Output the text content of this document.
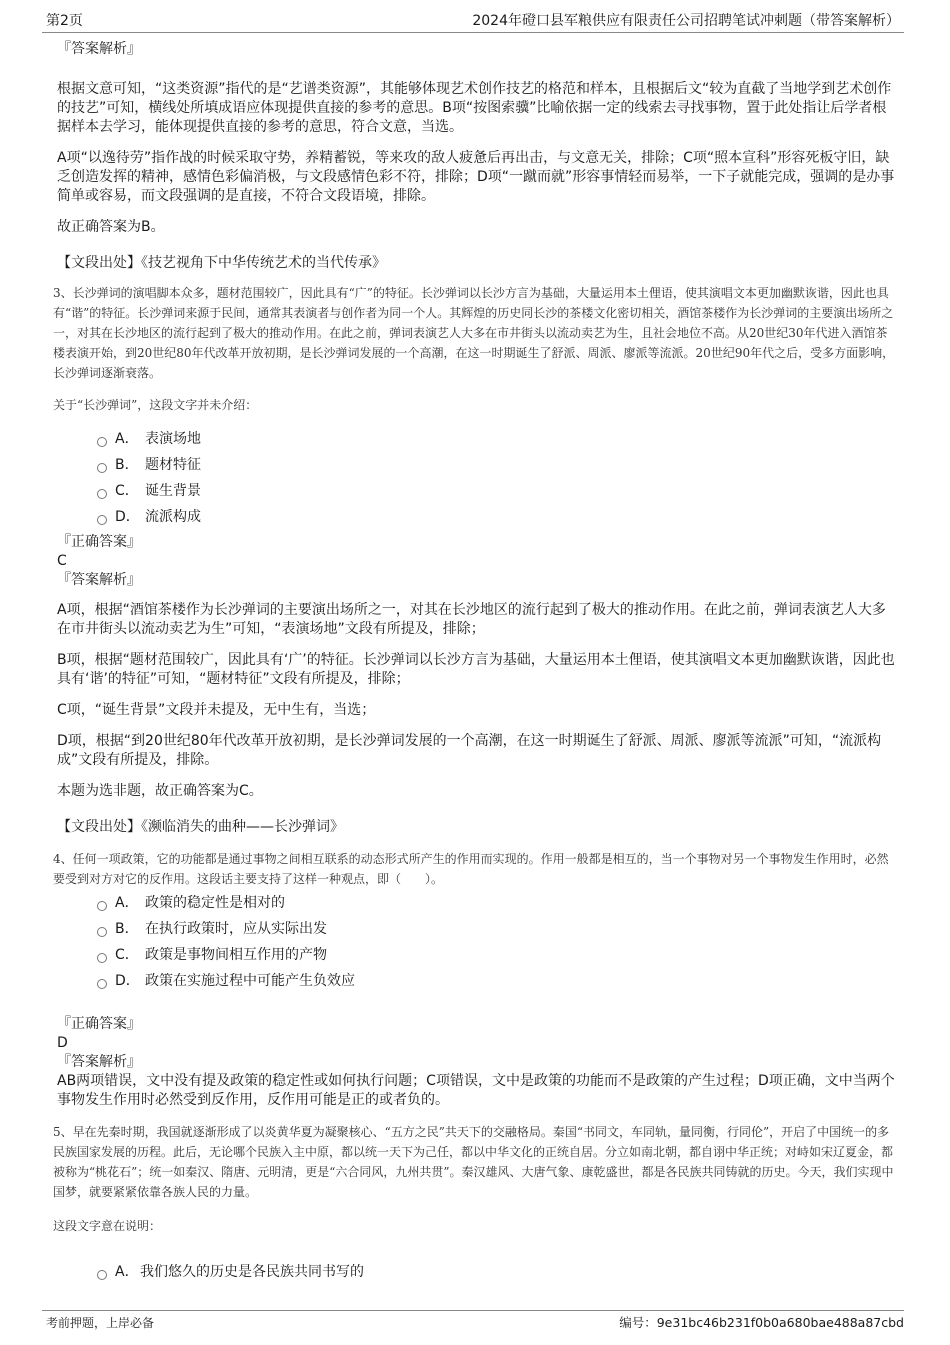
第2页	2024年磴口县军粮供应有限责任公司招聘笔试冲刺题（带答案解析）

『答案解析』

根据文意可知，“这类资源”指代的是“艺谱类资源”，其能够体现艺术创作技艺的格范和样本，且根据后文“较为直截了当地学到艺术创作的技艺”可知，横线处所填成语应体现提供直接的参考的意思。B项“按图索骥”比喻依据一定的线索去寻找事物，置于此处指让后学者根据样本去学习，能体现提供直接的参考的意思，符合文意，当选。

A项“以逸待劳”指作战的时候采取守势，养精蓄锐，等来攻的敌人疲惫后再出击，与文意无关，排除；C项“照本宣科”形容死板守旧，缺乏创造发挥的精神，感情色彩偏消极，与文段感情色彩不符，排除；D项“一蹴而就”形容事情轻而易举，一下子就能完成，强调的是办事简单或容易，而文段强调的是直接，不符合文段语境，排除。

故正确答案为B。

【文段出处】《技艺视角下中华传统艺术的当代传承》

3、长沙弹词的演唱脚本众多，题材范围较广，因此具有“广”的特征。长沙弹词以长沙方言为基础，大量运用本土俚语，使其演唱文本更加幽默诙谐，因此也具有“谐”的特征。长沙弹词来源于民间，通常其表演者与创作者为同一个人。其辉煌的历史同长沙的茶楼文化密切相关，酒馆茶楼作为长沙弹词的主要演出场所之一，对其在长沙地区的流行起到了极大的推动作用。在此之前，弹词表演艺人大多在市井街头以流动卖艺为生，且社会地位不高。从20世纪30年代进入酒馆茶楼表演开始，到20世纪80年代改革开放初期，是长沙弹词发展的一个高潮，在这一时期诞生了舒派、周派、廖派等流派。20世纪90年代之后，受多方面影响，长沙弹词逐渐衰落。

关于“长沙弹词”，这段文字并未介绍：

A． 表演场地
B． 题材特征
C． 诞生背景
D． 流派构成

『正确答案』

C

『答案解析』

A项，根据“酒馆茶楼作为长沙弹词的主要演出场所之一，对其在长沙地区的流行起到了极大的推动作用。在此之前，弹词表演艺人大多在市井街头以流动卖艺为生”可知，“表演场地”文段有所提及，排除；

B项，根据“题材范围较广，因此具有‘广’的特征。长沙弹词以长沙方言为基础，大量运用本土俚语，使其演唱文本更加幽默诙谐，因此也具有‘谐’的特征”可知，“题材特征”文段有所提及，排除；

C项，“诞生背景”文段并未提及，无中生有，当选；

D项，根据“到20世纪80年代改革开放初期，是长沙弹词发展的一个高潮，在这一时期诞生了舒派、周派、廖派等流派”可知，“流派构成”文段有所提及，排除。

本题为选非题，故正确答案为C。

【文段出处】《濒临消失的曲种——长沙弹词》

4、任何一项政策，它的功能都是通过事物之间相互联系的动态形式所产生的作用而实现的。作用一般都是相互的，当一个事物对另一个事物发生作用时，必然要受到对方对它的反作用。这段话主要支持了这样一种观点，即（　　）。

A． 政策的稳定性是相对的
B． 在执行政策时，应从实际出发
C． 政策是事物间相互作用的产物
D． 政策在实施过程中可能产生负效应

『正确答案』

D

『答案解析』

AB两项错误，文中没有提及政策的稳定性或如何执行问题；C项错误，文中是政策的功能而不是政策的产生过程；D项正确，文中当两个事物发生作用时必然受到反作用，反作用可能是正的或者负的。

5、早在先秦时期，我国就逐渐形成了以炎黄华夏为凝聚核心、“五方之民”共天下的交融格局。秦国“书同文，车同轨，量同衡，行同伦”，开启了中国统一的多民族国家发展的历程。此后，无论哪个民族入主中原，都以统一天下为己任，都以中华文化的正统自居。分立如南北朝，都自诩中华正统；对峙如宋辽夏金，都被称为“桃花石”；统一如秦汉、隋唐、元明清，更是“六合同风，九州共贯”。秦汉雄风、大唐气象、康乾盛世，都是各民族共同铸就的历史。今天，我们实现中国梦，就要紧紧依靠各族人民的力量。

这段文字意在说明：

A． 我们悠久的历史是各民族共同书写的
考前押题，上岸必备	编号：9e31bc46b231f0b0a680bae488a87cbd
